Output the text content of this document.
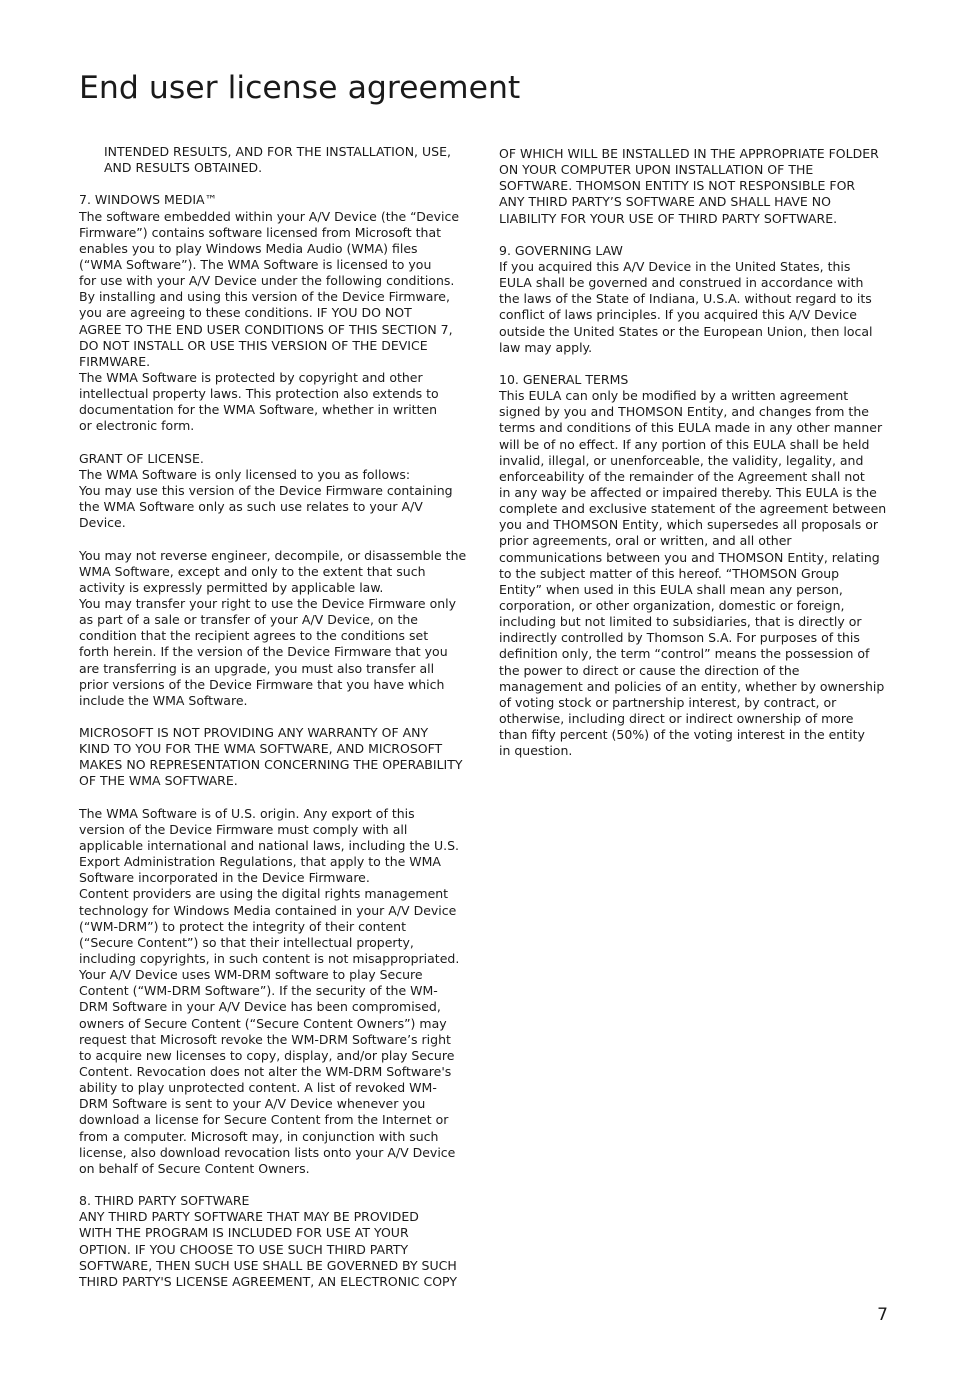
End user license agreement
INTENDED RESULTS, AND FOR THE INSTALLATION, USE,
AND RESULTS OBTAINED.
7. WINDOWS MEDIA™
The software embedded within your A/V Device (the “Device
Firmware”) contains software licensed from Microsoft that
enables you to play Windows Media Audio (WMA) files
(“WMA Software”). The WMA Software is licensed to you
for use with your A/V Device under the following conditions.
By installing and using this version of the Device Firmware,
you are agreeing to these conditions. IF YOU DO NOT
AGREE TO THE END USER CONDITIONS OF THIS SECTION 7,
DO NOT INSTALL OR USE THIS VERSION OF THE DEVICE
FIRMWARE.
The WMA Software is protected by copyright and other
intellectual property laws. This protection also extends to
documentation for the WMA Software, whether in written
or electronic form.
GRANT OF LICENSE.
The WMA Software is only licensed to you as follows:
You may use this version of the Device Firmware containing
the WMA Software only as such use relates to your A/V
Device.
You may not reverse engineer, decompile, or disassemble the
WMA Software, except and only to the extent that such
activity is expressly permitted by applicable law.
You may transfer your right to use the Device Firmware only
as part of a sale or transfer of your A/V Device, on the
condition that the recipient agrees to the conditions set
forth herein. If the version of the Device Firmware that you
are transferring is an upgrade, you must also transfer all
prior versions of the Device Firmware that you have which
include the WMA Software.
MICROSOFT IS NOT PROVIDING ANY WARRANTY OF ANY
KIND TO YOU FOR THE WMA SOFTWARE, AND MICROSOFT
MAKES NO REPRESENTATION CONCERNING THE OPERABILITY
OF THE WMA SOFTWARE.
The WMA Software is of U.S. origin. Any export of this
version of the Device Firmware must comply with all
applicable international and national laws, including the U.S.
Export Administration Regulations, that apply to the WMA
Software incorporated in the Device Firmware.
Content providers are using the digital rights management
technology for Windows Media contained in your A/V Device
(“WM-DRM”) to protect the integrity of their content
(“Secure Content”) so that their intellectual property,
including copyrights, in such content is not misappropriated.
Your A/V Device uses WM-DRM software to play Secure
Content (“WM-DRM Software”). If the security of the WM-
DRM Software in your A/V Device has been compromised,
owners of Secure Content (“Secure Content Owners”) may
request that Microsoft revoke the WM-DRM Software’s right
to acquire new licenses to copy, display, and/or play Secure
Content. Revocation does not alter the WM-DRM Software's
ability to play unprotected content. A list of revoked WM-
DRM Software is sent to your A/V Device whenever you
download a license for Secure Content from the Internet or
from a computer. Microsoft may, in conjunction with such
license, also download revocation lists onto your A/V Device
on behalf of Secure Content Owners.
8. THIRD PARTY SOFTWARE
ANY THIRD PARTY SOFTWARE THAT MAY BE PROVIDED
WITH THE PROGRAM IS INCLUDED FOR USE AT YOUR
OPTION. IF YOU CHOOSE TO USE SUCH THIRD PARTY
SOFTWARE, THEN SUCH USE SHALL BE GOVERNED BY SUCH
THIRD PARTY'S LICENSE AGREEMENT, AN ELECTRONIC COPY
OF WHICH WILL BE INSTALLED IN THE APPROPRIATE FOLDER
ON YOUR COMPUTER UPON INSTALLATION OF THE
SOFTWARE. THOMSON ENTITY IS NOT RESPONSIBLE FOR
ANY THIRD PARTY’S SOFTWARE AND SHALL HAVE NO
LIABILITY FOR YOUR USE OF THIRD PARTY SOFTWARE.
9. GOVERNING LAW
If you acquired this A/V Device in the United States, this
EULA shall be governed and construed in accordance with
the laws of the State of Indiana, U.S.A. without regard to its
conflict of laws principles. If you acquired this A/V Device
outside the United States or the European Union, then local
law may apply.
10. GENERAL TERMS
This EULA can only be modified by a written agreement
signed by you and THOMSON Entity, and changes from the
terms and conditions of this EULA made in any other manner
will be of no effect. If any portion of this EULA shall be held
invalid, illegal, or unenforceable, the validity, legality, and
enforceability of the remainder of the Agreement shall not
in any way be affected or impaired thereby. This EULA is the
complete and exclusive statement of the agreement between
you and THOMSON Entity, which supersedes all proposals or
prior agreements, oral or written, and all other
communications between you and THOMSON Entity, relating
to the subject matter of this hereof. “THOMSON Group
Entity” when used in this EULA shall mean any person,
corporation, or other organization, domestic or foreign,
including but not limited to subsidiaries, that is directly or
indirectly controlled by Thomson S.A. For purposes of this
definition only, the term “control” means the possession of
the power to direct or cause the direction of the
management and policies of an entity, whether by ownership
of voting stock or partnership interest, by contract, or
otherwise, including direct or indirect ownership of more
than fifty percent (50%) of the voting interest in the entity
in question.
7
